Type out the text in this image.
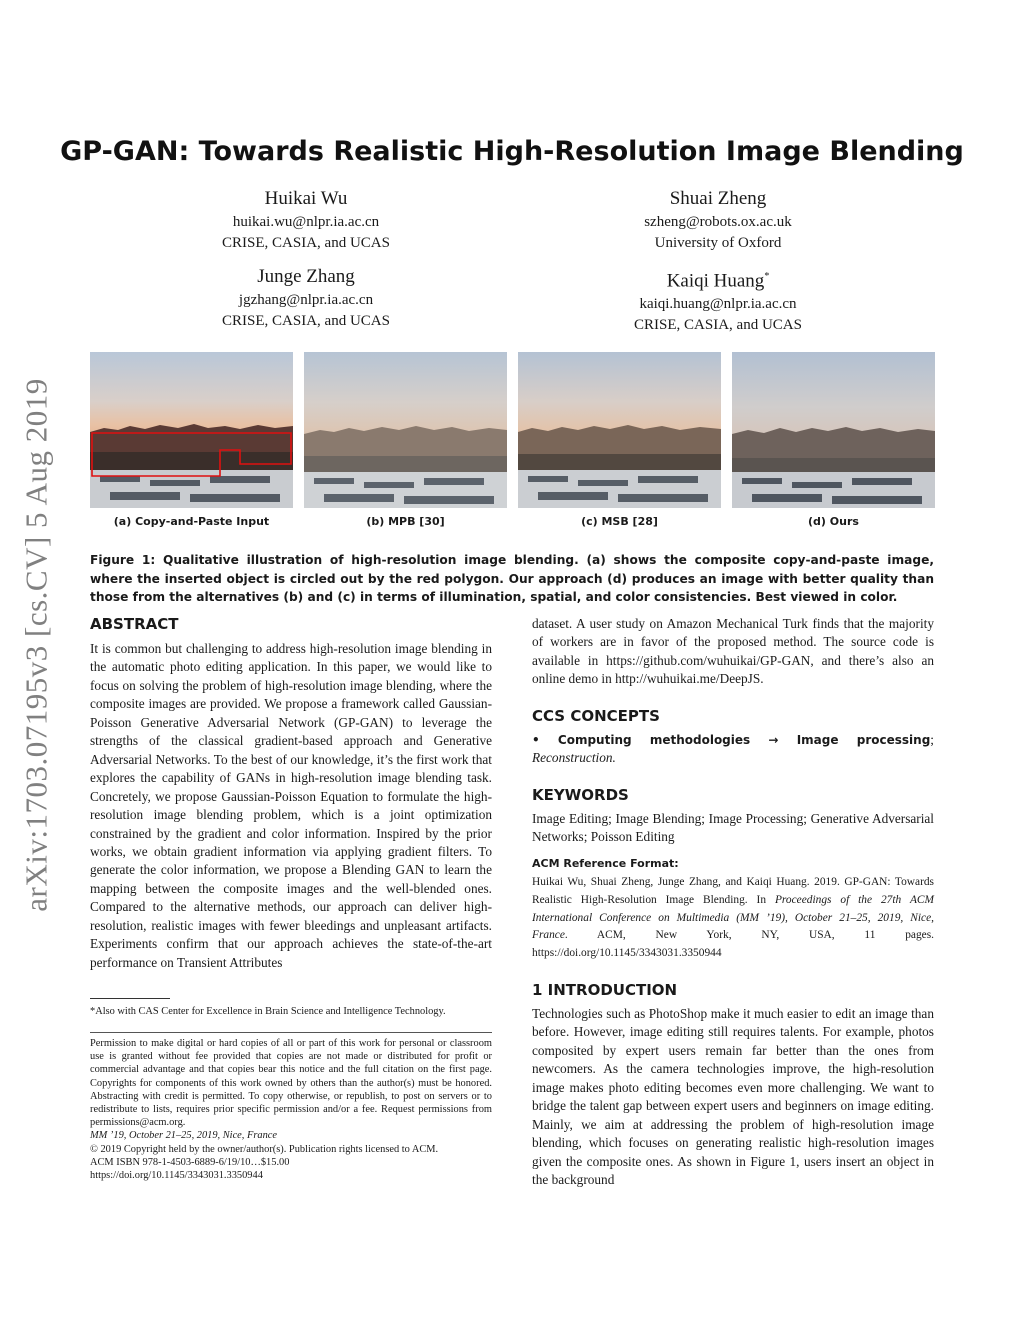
arXiv:1703.07195v3 [cs.CV] 5 Aug 2019
GP-GAN: Towards Realistic High-Resolution Image Blending
Huikai Wu
huikai.wu@nlpr.ia.ac.cn
CRISE, CASIA, and UCAS
Shuai Zheng
szheng@robots.ox.ac.uk
University of Oxford
Junge Zhang
jgzhang@nlpr.ia.ac.cn
CRISE, CASIA, and UCAS
Kaiqi Huang*
kaiqi.huang@nlpr.ia.ac.cn
CRISE, CASIA, and UCAS
(a) Copy-and-Paste Input	(b) MPB [30]	(c) MSB [28]	(d) Ours
Figure 1: Qualitative illustration of high-resolution image blending. (a) shows the composite copy-and-paste image, where the inserted object is circled out by the red polygon. Our approach (d) produces an image with better quality than those from the alternatives (b) and (c) in terms of illumination, spatial, and color consistencies. Best viewed in color.
ABSTRACT
It is common but challenging to address high-resolution image blending in the automatic photo editing application. In this paper, we would like to focus on solving the problem of high-resolution image blending, where the composite images are provided. We propose a framework called Gaussian-Poisson Generative Adversarial Network (GP-GAN) to leverage the strengths of the classical gradient-based approach and Generative Adversarial Networks. To the best of our knowledge, it’s the first work that explores the capability of GANs in high-resolution image blending task. Concretely, we propose Gaussian-Poisson Equation to formulate the high-resolution image blending problem, which is a joint optimization constrained by the gradient and color information. Inspired by the prior works, we obtain gradient information via applying gradient filters. To generate the color information, we propose a Blending GAN to learn the mapping between the composite images and the well-blended ones. Compared to the alternative methods, our approach can deliver high-resolution, realistic images with fewer bleedings and unpleasant artifacts. Experiments confirm that our approach achieves the state-of-the-art performance on Transient Attributes
*Also with CAS Center for Excellence in Brain Science and Intelligence Technology.
Permission to make digital or hard copies of all or part of this work for personal or classroom use is granted without fee provided that copies are not made or distributed for profit or commercial advantage and that copies bear this notice and the full citation on the first page. Copyrights for components of this work owned by others than the author(s) must be honored. Abstracting with credit is permitted. To copy otherwise, or republish, to post on servers or to redistribute to lists, requires prior specific permission and/or a fee. Request permissions from permissions@acm.org.
MM ’19, October 21–25, 2019, Nice, France
© 2019 Copyright held by the owner/author(s). Publication rights licensed to ACM.
ACM ISBN 978-1-4503-6889-6/19/10…$15.00
https://doi.org/10.1145/3343031.3350944
dataset. A user study on Amazon Mechanical Turk finds that the majority of workers are in favor of the proposed method. The source code is available in https://github.com/wuhuikai/GP-GAN, and there’s also an online demo in http://wuhuikai.me/DeepJS.
CCS CONCEPTS
• Computing methodologies → Image processing; Reconstruction.
KEYWORDS
Image Editing; Image Blending; Image Processing; Generative Adversarial Networks; Poisson Editing
ACM Reference Format:
Huikai Wu, Shuai Zheng, Junge Zhang, and Kaiqi Huang. 2019. GP-GAN: Towards Realistic High-Resolution Image Blending. In Proceedings of the 27th ACM International Conference on Multimedia (MM ’19), October 21–25, 2019, Nice, France. ACM, New York, NY, USA, 11 pages. https://doi.org/10.1145/3343031.3350944
1 INTRODUCTION
Technologies such as PhotoShop make it much easier to edit an image than before. However, image editing still requires talents. For example, photos composited by expert users remain far better than the ones from newcomers. As the camera technologies improve, the high-resolution image makes photo editing becomes even more challenging. We want to bridge the talent gap between expert users and beginners on image editing. Mainly, we aim at addressing the problem of high-resolution image blending, which focuses on generating realistic high-resolution images given the composite ones. As shown in Figure 1, users insert an object in the background
